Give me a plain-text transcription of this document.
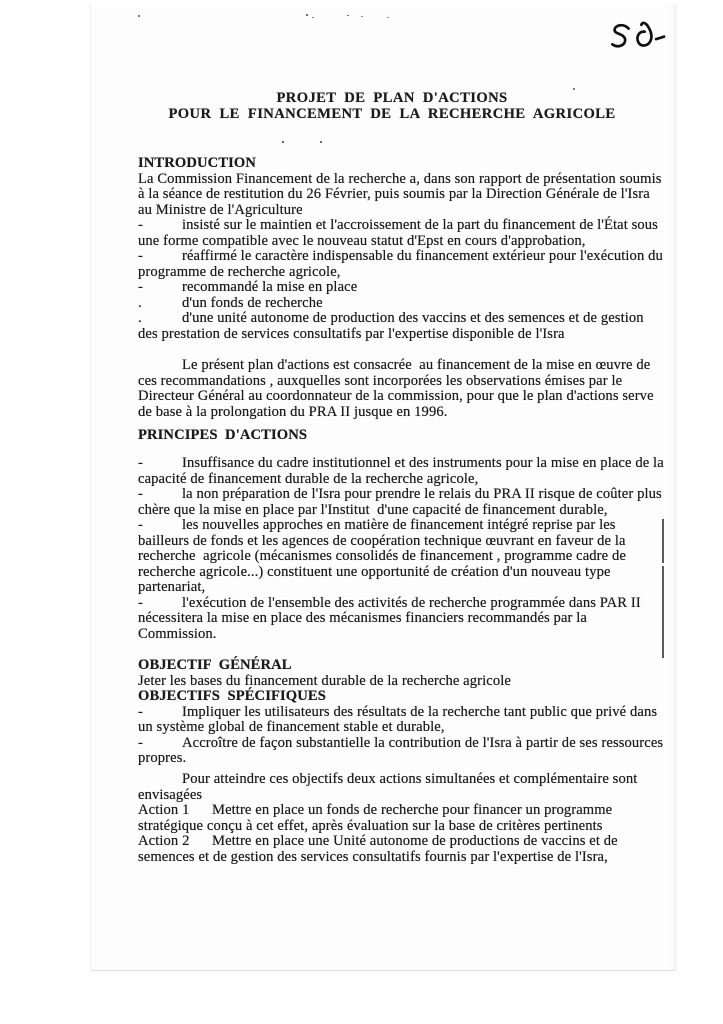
PROJET  DE  PLAN  D'ACTIONS
POUR  LE  FINANCEMENT  DE  LA  RECHERCHE  AGRICOLE
INTRODUCTION
La Commission Financement de la recherche a, dans son rapport de présentation soumis à la séance de restitution du 26 Février, puis soumis par la Direction Générale de l'Isra au Ministre de l'Agriculture
-	insisté sur le maintien et l'accroissement de la part du financement de l'État sous une forme compatible avec le nouveau statut d'Epst en cours d'approbation,
-	réaffirmé le caractère indispensable du financement extérieur pour l'exécution du programme de recherche agricole,
-	recommandé la mise en place
.	d'un fonds de recherche
.	d'une unité autonome de production des vaccins et des semences et de gestion des prestation de services consultatifs par l'expertise disponible de l'Isra
Le présent plan d'actions est consacrée  au financement de la mise en œuvre de ces recommandations , auxquelles sont incorporées les observations émises par le Directeur Général au coordonnateur de la commission, pour que le plan d'actions serve de base à la prolongation du PRA II jusque en 1996.
PRINCIPES  D'ACTIONS
-	Insuffisance du cadre institutionnel et des instruments pour la mise en place de la capacité de financement durable de la recherche agricole,
-	la non préparation de l'Isra pour prendre le relais du PRA II risque de coûter plus chère que la mise en place par l'Institut  d'une capacité de financement durable,
-	les nouvelles approches en matière de financement intégré reprise par les bailleurs de fonds et les agences de coopération technique œuvrant en faveur de la recherche  agricole (mécanismes consolidés de financement , programme cadre de recherche agricole...) constituent une opportunité de création d'un nouveau type partenariat,
-	l'exécution de l'ensemble des activités de recherche programmée dans PAR II nécessitera la mise en place des mécanismes financiers recommandés par la Commission.
OBJECTIF  GÉNÉRAL
Jeter les bases du financement durable de la recherche agricole
OBJECTIFS  SPÉCIFIQUES
-	Impliquer les utilisateurs des résultats de la recherche tant public que privé dans un système global de financement stable et durable,
-	Accroître de façon substantielle la contribution de l'Isra à partir de ses ressources  propres.
Pour atteindre ces objectifs deux actions simultanées et complémentaire sont envisagées
Action 1 Mettre en place un fonds de recherche pour financer un programme stratégique conçu à cet effet, après évaluation sur la base de critères pertinents
Action 2 Mettre en place une Unité autonome de productions de vaccins et de semences et de gestion des services consultatifs fournis par l'expertise de l'Isra,
